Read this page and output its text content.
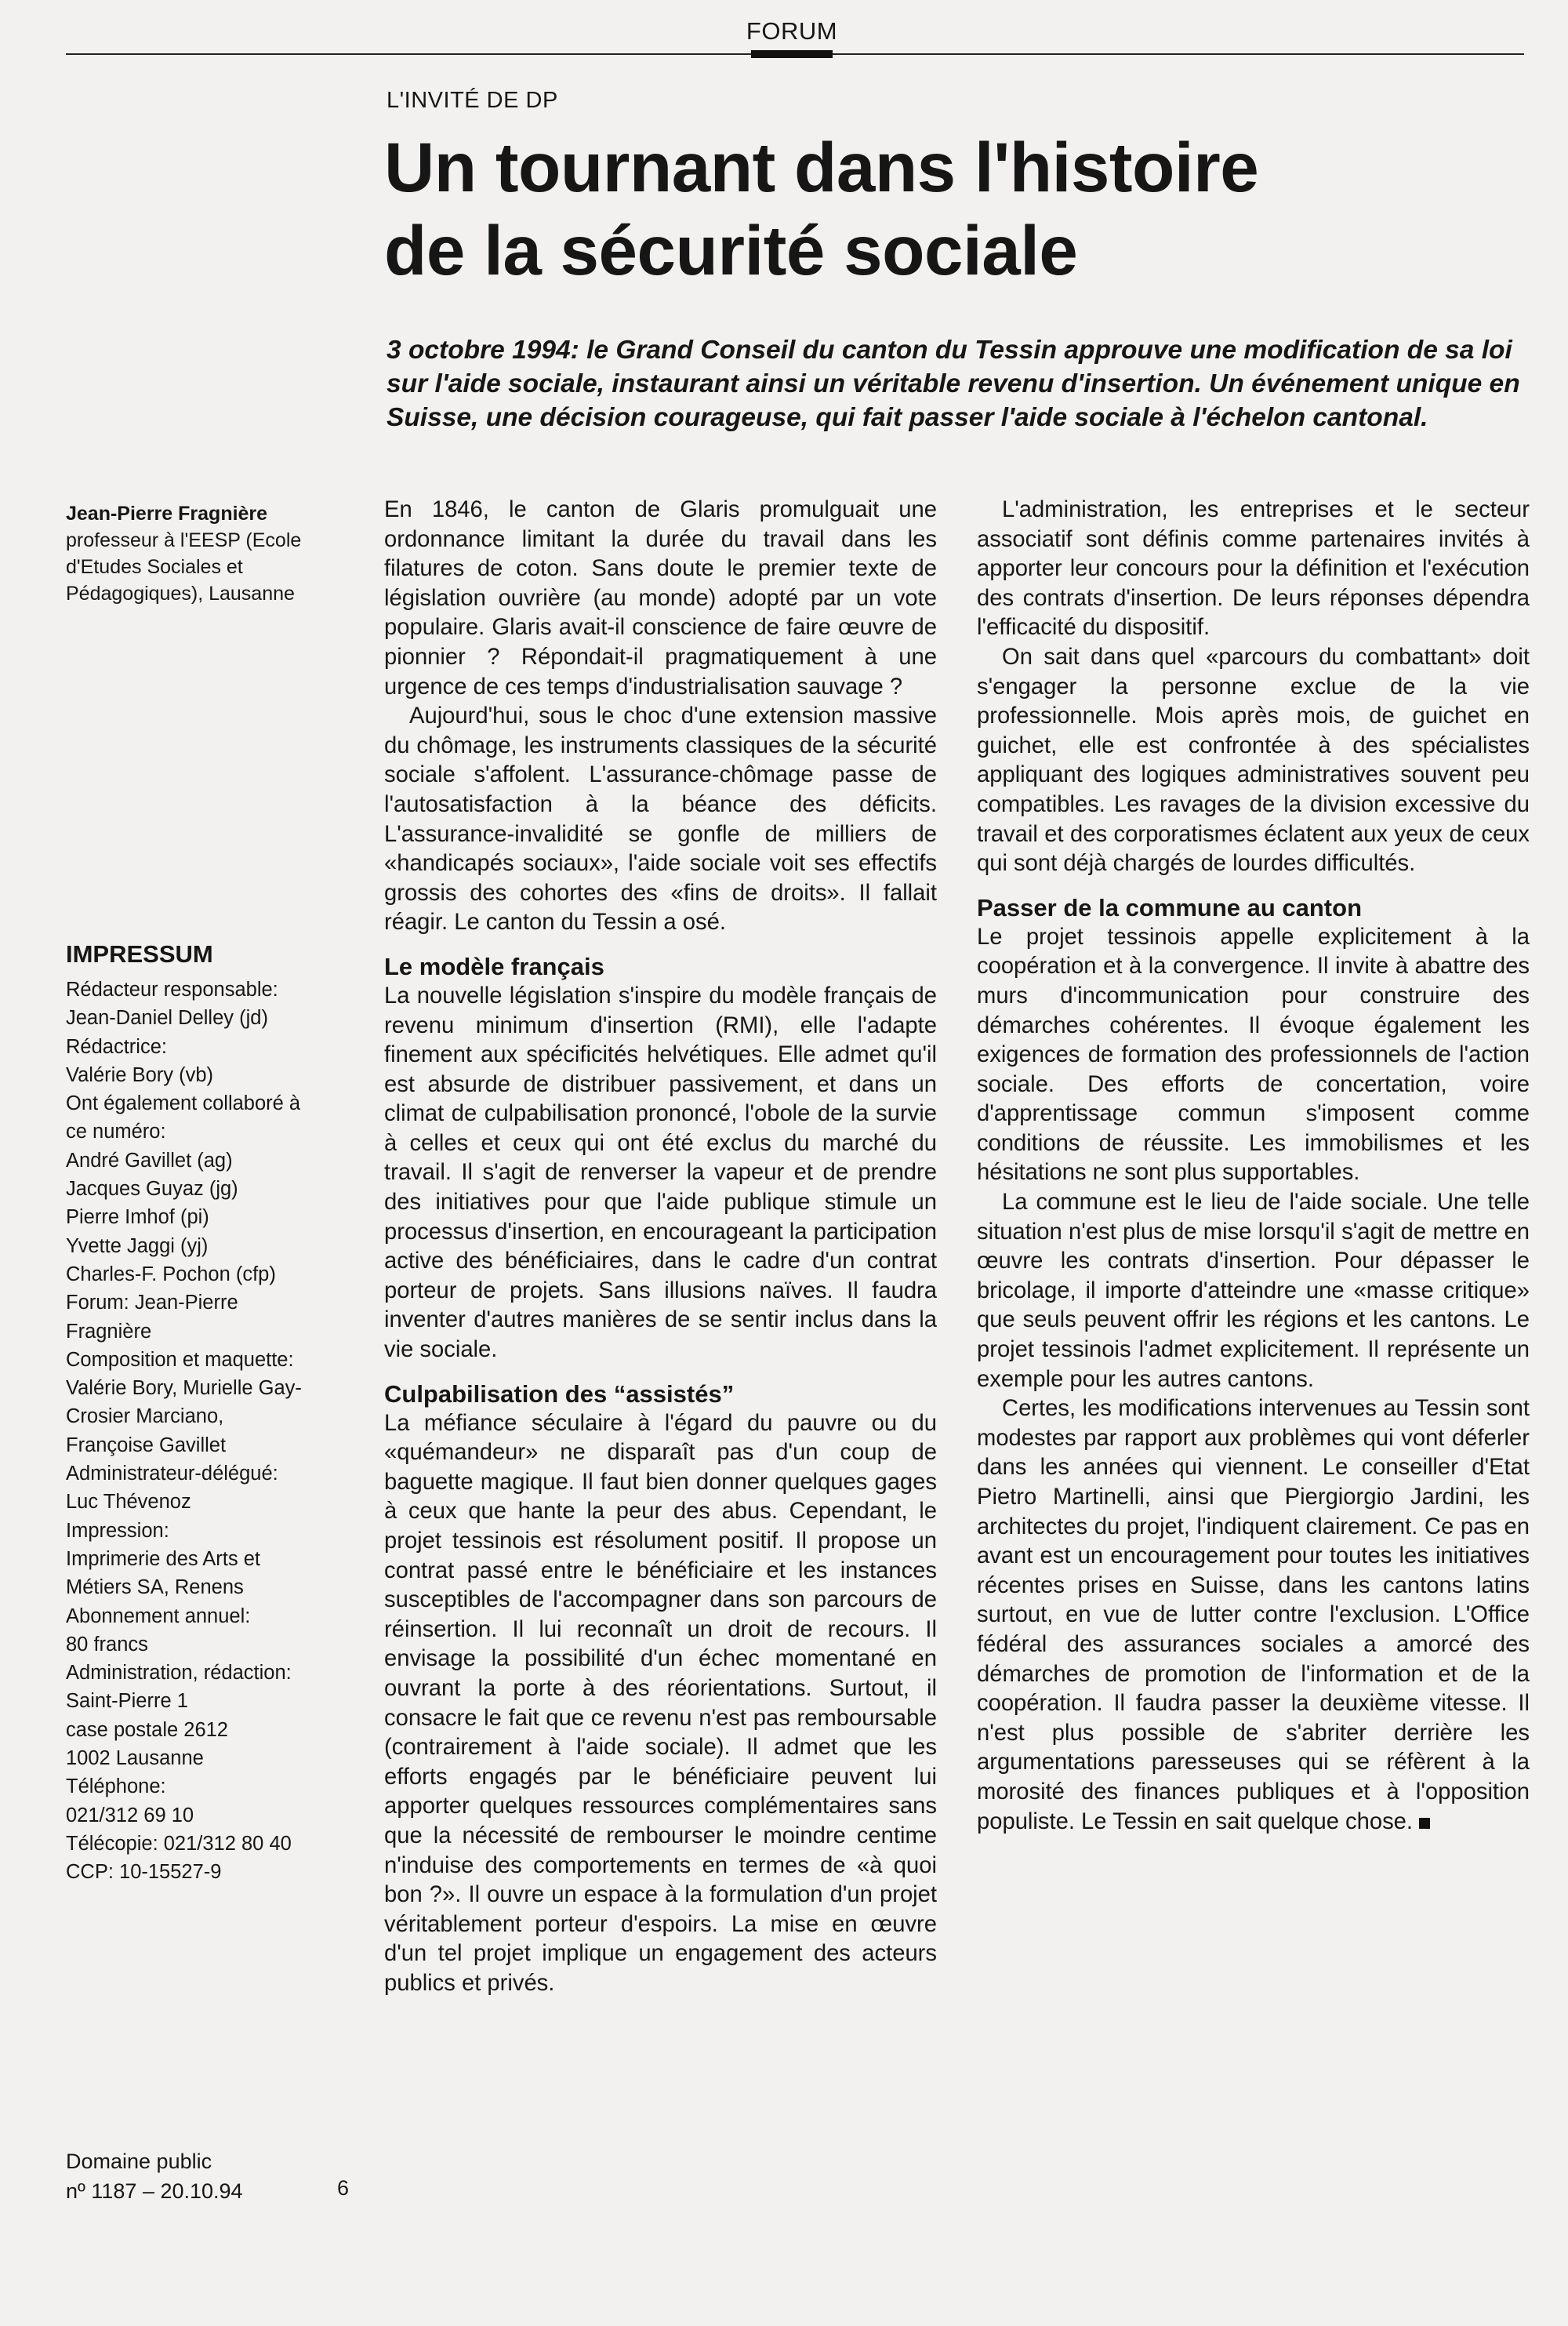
FORUM
L'INVITÉ DE DP
Un tournant dans l'histoire
de la sécurité sociale

3 octobre 1994: le Grand Conseil du canton du Tessin approuve une modification de sa loi sur l'aide sociale, instaurant ainsi un véritable revenu d'insertion. Un événement unique en Suisse, une décision courageuse, qui fait passer l'aide sociale à l'échelon cantonal.

Jean-Pierre Fragnière
professeur à l'EESP (Ecole d'Etudes Sociales et Pédagogiques), Lausanne
IMPRESSUM
Rédacteur responsable:
Jean-Daniel Delley (jd)
Rédactrice:
Valérie Bory (vb)
Ont également collaboré à
ce numéro:
André Gavillet (ag)
Jacques Guyaz (jg)
Pierre Imhof (pi)
Yvette Jaggi (yj)
Charles-F. Pochon (cfp)
Forum: Jean-Pierre
Fragnière
Composition et maquette:
Valérie Bory, Murielle Gay-
Crosier Marciano,
Françoise Gavillet
Administrateur-délégué:
Luc Thévenoz
Impression:
Imprimerie des Arts et
Métiers SA, Renens
Abonnement annuel:
80 francs
Administration, rédaction:
Saint-Pierre 1
case postale 2612
1002 Lausanne
Téléphone:
021/312 69 10
Télécopie: 021/312 80 40
CCP: 10-15527-9
Domaine public
nº 1187 – 20.10.94	6

En 1846, le canton de Glaris promulguait une ordonnance limitant la durée du travail dans les filatures de coton. Sans doute le premier texte de législation ouvrière (au monde) adopté par un vote populaire. Glaris avait-il conscience de faire œuvre de pionnier ? Répondait-il pragmatiquement à une urgence de ces temps d'industrialisation sauvage ?

Aujourd'hui, sous le choc d'une extension massive du chômage, les instruments classiques de la sécurité sociale s'affolent. L'assurance-chômage passe de l'autosatisfaction à la béance des déficits. L'assurance-invalidité se gonfle de milliers de «handicapés sociaux», l'aide sociale voit ses effectifs grossis des cohortes des «fins de droits». Il fallait réagir. Le canton du Tessin a osé.

Le modèle français

La nouvelle législation s'inspire du modèle français de revenu minimum d'insertion (RMI), elle l'adapte finement aux spécificités helvétiques. Elle admet qu'il est absurde de distribuer passivement, et dans un climat de culpabilisation prononcé, l'obole de la survie à celles et ceux qui ont été exclus du marché du travail. Il s'agit de renverser la vapeur et de prendre des initiatives pour que l'aide publique stimule un processus d'insertion, en encourageant la participation active des bénéficiaires, dans le cadre d'un contrat porteur de projets. Sans illusions naïves. Il faudra inventer d'autres manières de se sentir inclus dans la vie sociale.

Culpabilisation des “assistés”

La méfiance séculaire à l'égard du pauvre ou du «quémandeur» ne disparaît pas d'un coup de baguette magique. Il faut bien donner quelques gages à ceux que hante la peur des abus. Cependant, le projet tessinois est résolument positif. Il propose un contrat passé entre le bénéficiaire et les instances susceptibles de l'accompagner dans son parcours de réinsertion. Il lui reconnaît un droit de recours. Il envisage la possibilité d'un échec momentané en ouvrant la porte à des réorientations. Surtout, il consacre le fait que ce revenu n'est pas remboursable (contrairement à l'aide sociale). Il admet que les efforts engagés par le bénéficiaire peuvent lui apporter quelques ressources complémentaires sans que la nécessité de rembourser le moindre centime n'induise des comportements en termes de «à quoi bon ?». Il ouvre un espace à la formulation d'un projet véritablement porteur d'espoirs. La mise en œuvre d'un tel projet implique un engagement des acteurs publics et privés.

L'administration, les entreprises et le secteur associatif sont définis comme partenaires invités à apporter leur concours pour la définition et l'exécution des contrats d'insertion. De leurs réponses dépendra l'efficacité du dispositif.

On sait dans quel «parcours du combattant» doit s'engager la personne exclue de la vie professionnelle. Mois après mois, de guichet en guichet, elle est confrontée à des spécialistes appliquant des logiques administratives souvent peu compatibles. Les ravages de la division excessive du travail et des corporatismes éclatent aux yeux de ceux qui sont déjà chargés de lourdes difficultés.

Passer de la commune au canton

Le projet tessinois appelle explicitement à la coopération et à la convergence. Il invite à abattre des murs d'incommunication pour construire des démarches cohérentes. Il évoque également les exigences de formation des professionnels de l'action sociale. Des efforts de concertation, voire d'apprentissage commun s'imposent comme conditions de réussite. Les immobilismes et les hésitations ne sont plus supportables.

La commune est le lieu de l'aide sociale. Une telle situation n'est plus de mise lorsqu'il s'agit de mettre en œuvre les contrats d'insertion. Pour dépasser le bricolage, il importe d'atteindre une «masse critique» que seuls peuvent offrir les régions et les cantons. Le projet tessinois l'admet explicitement. Il représente un exemple pour les autres cantons.

Certes, les modifications intervenues au Tessin sont modestes par rapport aux problèmes qui vont déferler dans les années qui viennent. Le conseiller d'Etat Pietro Martinelli, ainsi que Piergiorgio Jardini, les architectes du projet, l'indiquent clairement. Ce pas en avant est un encouragement pour toutes les initiatives récentes prises en Suisse, dans les cantons latins surtout, en vue de lutter contre l'exclusion. L'Office fédéral des assurances sociales a amorcé des démarches de promotion de l'information et de la coopération. Il faudra passer la deuxième vitesse. Il n'est plus possible de s'abriter derrière les argumentations paresseuses qui se réfèrent à la morosité des finances publiques et à l'opposition populiste. Le Tessin en sait quelque chose.
